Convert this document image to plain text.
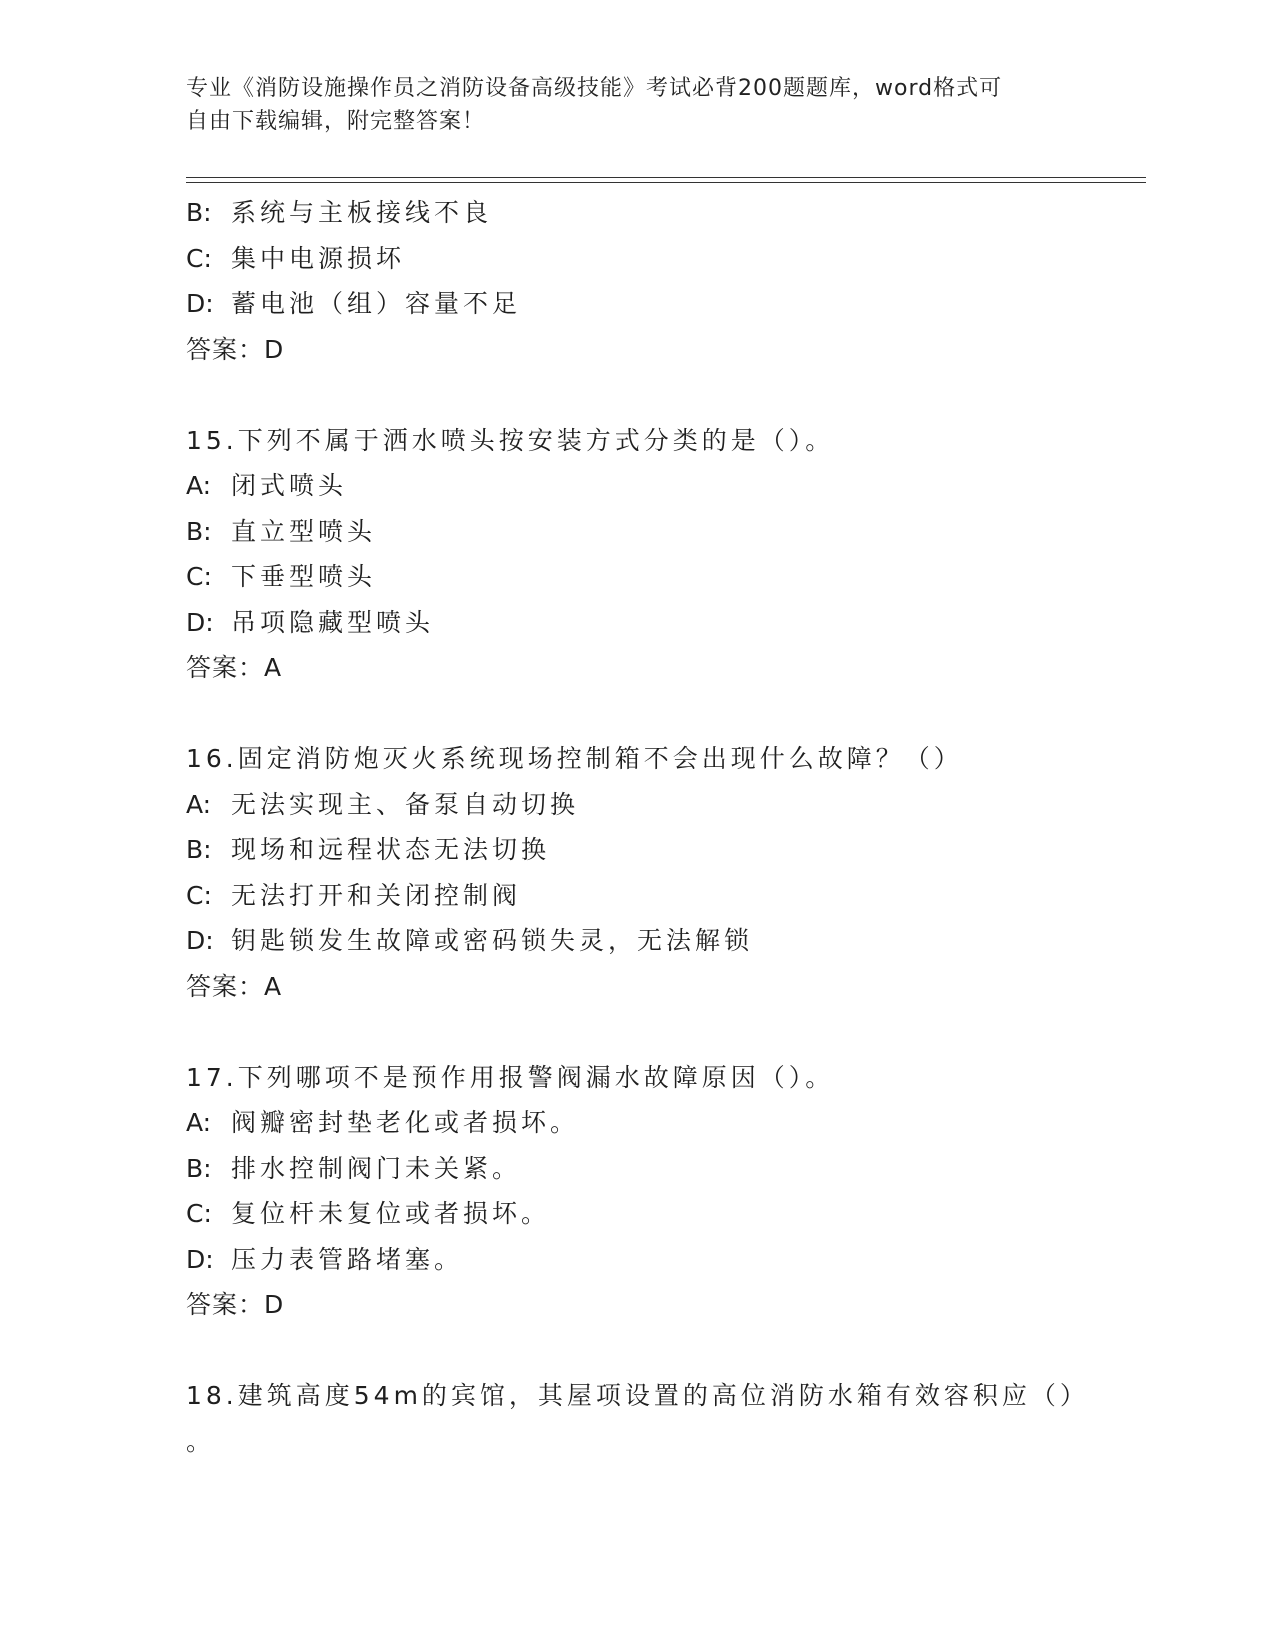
专业《消防设施操作员之消防设备高级技能》考试必背200题题库，word格式可
自由下载编辑，附完整答案！
B: 系统与主板接线不良
C: 集中电源损坏
D: 蓄电池（组）容量不足
答案：D
15.下列不属于洒水喷头按安装方式分类的是（）。
A: 闭式喷头
B: 直立型喷头
C: 下垂型喷头
D: 吊项隐藏型喷头
答案：A
16.固定消防炮灭火系统现场控制箱不会出现什么故障？（）
A: 无法实现主、备泵自动切换
B: 现场和远程状态无法切换
C: 无法打开和关闭控制阀
D: 钥匙锁发生故障或密码锁失灵，无法解锁
答案：A
17.下列哪项不是预作用报警阀漏水故障原因（）。
A: 阀瓣密封垫老化或者损坏。
B: 排水控制阀门未关紧。
C: 复位杆未复位或者损坏。
D: 压力表管路堵塞。
答案：D
18.建筑高度54m的宾馆，其屋项设置的高位消防水箱有效容积应（）
。
